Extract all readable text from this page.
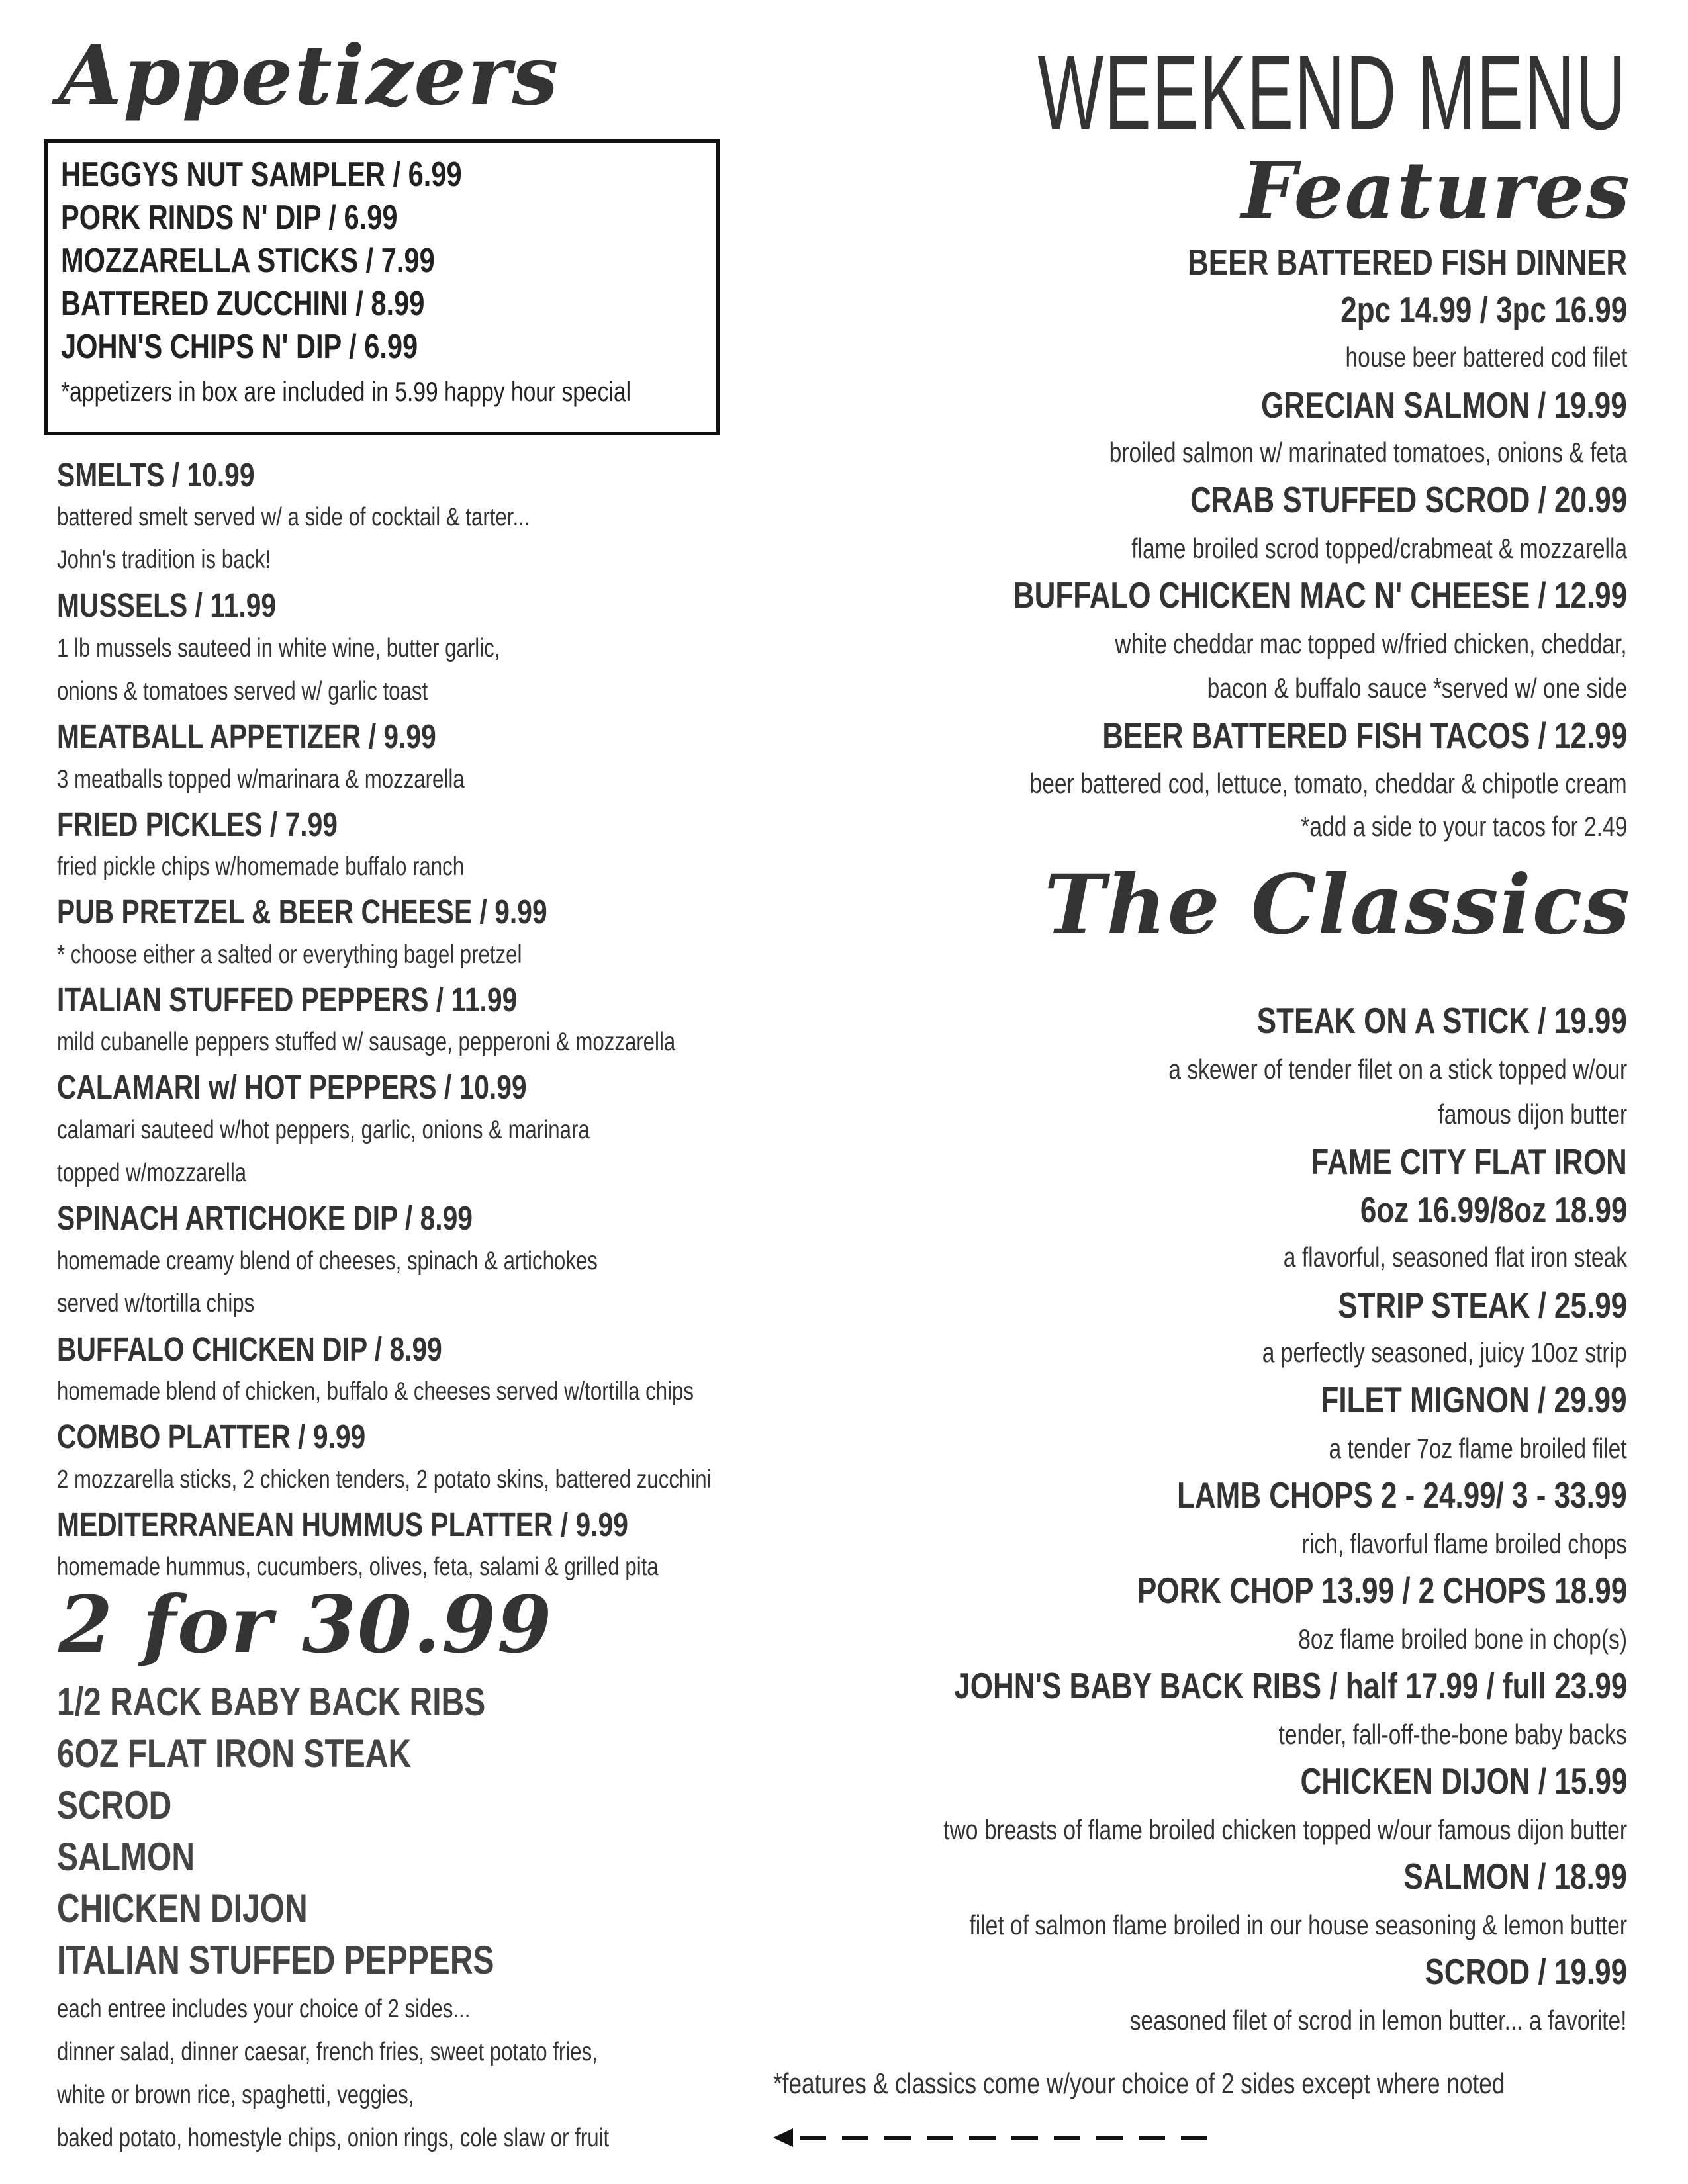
Appetizers
HEGGYS NUT SAMPLER / 6.99
PORK RINDS N' DIP / 6.99
MOZZARELLA STICKS / 7.99
BATTERED ZUCCHINI / 8.99
JOHN'S CHIPS N' DIP / 6.99
*appetizers in box are included in 5.99 happy hour special
SMELTS / 10.99
battered smelt served w/ a side of cocktail & tarter...
John's tradition is back!
MUSSELS / 11.99
1 lb mussels sauteed in white wine, butter garlic,
onions & tomatoes served w/ garlic toast
MEATBALL APPETIZER / 9.99
3 meatballs topped w/marinara & mozzarella
FRIED PICKLES / 7.99
fried pickle chips w/homemade buffalo ranch
PUB PRETZEL & BEER CHEESE / 9.99
* choose either a salted or everything bagel pretzel
ITALIAN STUFFED PEPPERS / 11.99
mild cubanelle peppers stuffed w/ sausage, pepperoni & mozzarella
CALAMARI w/ HOT PEPPERS / 10.99
calamari sauteed w/hot peppers, garlic, onions & marinara
topped w/mozzarella
SPINACH ARTICHOKE DIP / 8.99
homemade creamy blend of cheeses, spinach & artichokes
served w/tortilla chips
BUFFALO CHICKEN DIP / 8.99
homemade blend of chicken, buffalo & cheeses served w/tortilla chips
COMBO PLATTER / 9.99
2 mozzarella sticks, 2 chicken tenders, 2 potato skins, battered zucchini
MEDITERRANEAN HUMMUS PLATTER / 9.99
homemade hummus, cucumbers, olives, feta, salami & grilled pita
2 for 30.99
1/2 RACK BABY BACK RIBS
6OZ FLAT IRON STEAK
SCROD
SALMON
CHICKEN DIJON
ITALIAN STUFFED PEPPERS
each entree includes your choice of 2 sides...
dinner salad, dinner caesar, french fries, sweet potato fries,
white or brown rice, spaghetti, veggies,
baked potato, homestyle chips, onion rings, cole slaw or fruit
WEEKEND MENU
Features
BEER BATTERED FISH DINNER
2pc 14.99 / 3pc 16.99
house beer battered cod filet
GRECIAN SALMON / 19.99
broiled salmon w/ marinated tomatoes, onions & feta
CRAB STUFFED SCROD / 20.99
flame broiled scrod topped/crabmeat & mozzarella
BUFFALO CHICKEN MAC N' CHEESE / 12.99
white cheddar mac topped w/fried chicken, cheddar,
bacon & buffalo sauce *served w/ one side
BEER BATTERED FISH TACOS / 12.99
beer battered cod, lettuce, tomato, cheddar & chipotle cream
*add a side to your tacos for 2.49
The Classics
STEAK ON A STICK / 19.99
a skewer of tender filet on a stick topped w/our
famous dijon butter
FAME CITY FLAT IRON
6oz 16.99/8oz 18.99
a flavorful, seasoned flat iron steak
STRIP STEAK / 25.99
a perfectly seasoned, juicy 10oz strip
FILET MIGNON / 29.99
a tender 7oz flame broiled filet
LAMB CHOPS 2 - 24.99/ 3 - 33.99
rich, flavorful flame broiled chops
PORK CHOP 13.99 / 2 CHOPS 18.99
8oz flame broiled bone in chop(s)
JOHN'S BABY BACK RIBS / half 17.99 / full 23.99
tender, fall-off-the-bone baby backs
CHICKEN DIJON / 15.99
two breasts of flame broiled chicken topped w/our famous dijon butter
SALMON / 18.99
filet of salmon flame broiled in our house seasoning & lemon butter
SCROD / 19.99
seasoned filet of scrod in lemon butter... a favorite!
*features & classics come w/your choice of 2 sides except where noted
